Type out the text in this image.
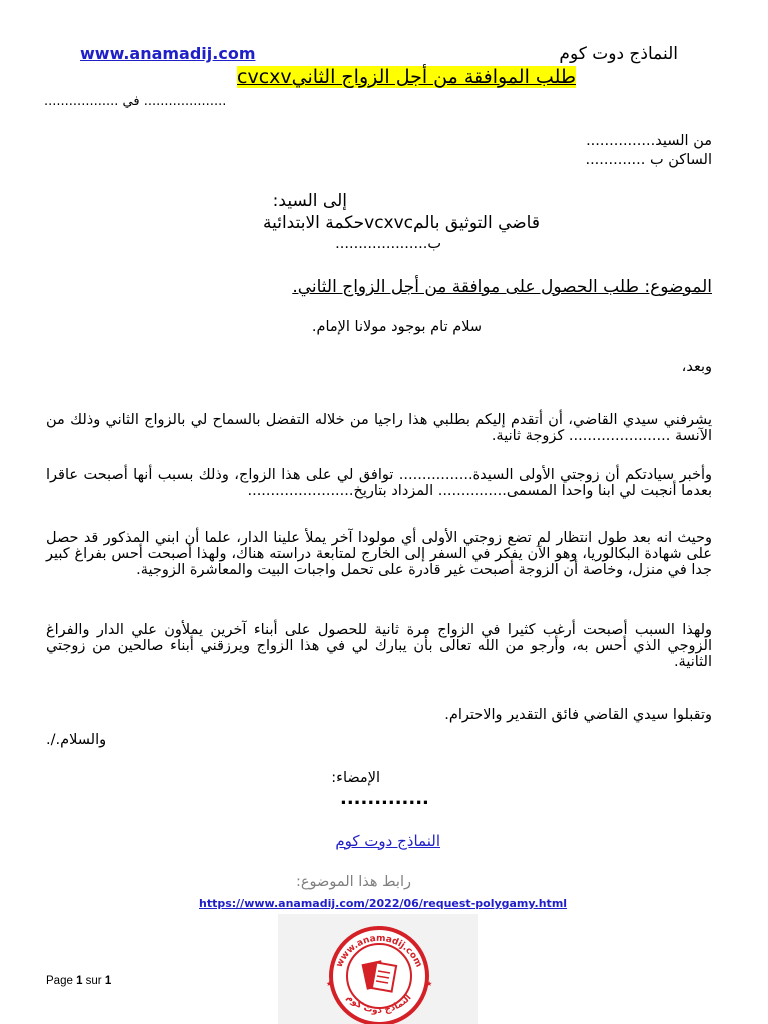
www.anamadij.com	النماذج دوت كوم
طلب الموافقة من أجل الزواج الثانيcvcxv
.................... في ..................
من السيد...............
الساكن ب .............
إلى السيد:
قاضي التوثيق بالمvcxvcحكمة الابتدائية
ب....................
الموضوع: طلب الحصول على موافقة من أجل الزواج الثاني.
سلام تام بوجود مولانا الإمام.
وبعد،

يشرفني سيدي القاضي، أن أتقدم إليكم بطلبي هذا راجيا من خلاله التفضل بالسماح لي بالزواج الثاني وذلك من الآنسة ...................... كزوجة ثانية.

وأخبر سيادتكم أن زوجتي الأولى السيدة................ توافق لي على هذا الزواج، وذلك بسبب أنها أصبحت عاقرا بعدما أنجبت لي ابنا واحدا المسمى............... المزداد بتاريخ.......................

وحيث انه بعد طول انتظار لم تضع زوجتي الأولى أي مولودا آخر يملأ علينا الدار، علما أن ابني المذكور قد حصل على شهادة البكالوريا، وهو الآن يفكر في السفر إلى الخارج لمتابعة دراسته هناك، ولهذا أصبحت أحس بفراغ كبير جدا في منزل، وخاصة أن الزوجة أصبحت غير قادرة على تحمل واجبات البيت والمعاشرة الزوجية.

ولهذا السبب أصبحت أرغب كثيرا في الزواج مرة ثانية للحصول على أبناء آخرين يملأون علي الدار والفراغ الزوجي الذي أحس به، وأرجو من الله تعالى بأن يبارك لي في هذا الزواج ويرزقني أبناء صالحين من زوجتي الثانية.

وتقبلوا سيدي القاضي فائق التقدير والاحترام.

والسلام./.
الإمضاء:
.............
النماذج دوت كوم
رابط هذا الموضوع:
https://www.anamadij.com/2022/06/request-polygamy.html
www.anamadij.com
النماذج دوت كوم
★	★
Page 1 sur 1
